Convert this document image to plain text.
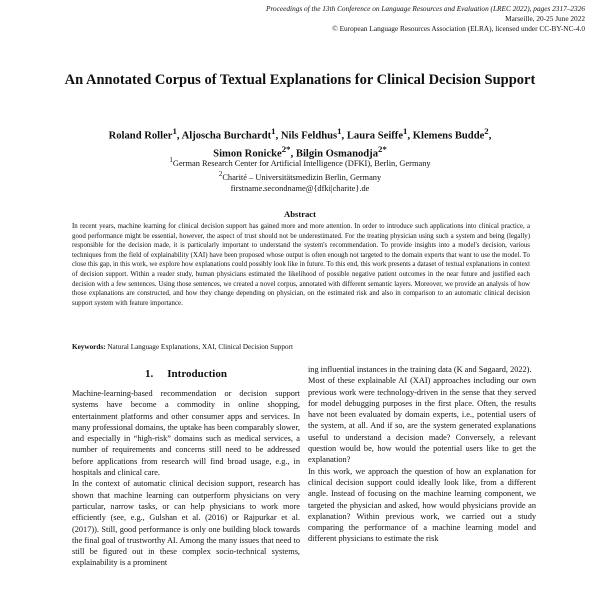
Proceedings of the 13th Conference on Language Resources and Evaluation (LREC 2022), pages 2317–2326
Marseille, 20-25 June 2022
© European Language Resources Association (ELRA), licensed under CC-BY-NC-4.0
An Annotated Corpus of Textual Explanations for Clinical Decision Support
Roland Roller$^1$, Aljoscha Burchardt$^1$, Nils Feldhus$^1$, Laura Seiffe$^1$, Klemens Budde$^2$,
Simon Ronicke$^{2*}$, Bilgin Osmanodja$^{2*}$
$^1$German Research Center for Artificial Intelligence (DFKI), Berlin, Germany
$^2$Charité – Universitätsmedizin Berlin, Germany
firstname.secondname@{dfki|charite}.de
Abstract
In recent years, machine learning for clinical decision support has gained more and more attention. In order to introduce such applications into clinical practice, a good performance might be essential, however, the aspect of trust should not be underestimated. For the treating physician using such a system and being (legally) responsible for the decision made, it is particularly important to understand the system's recommendation. To provide insights into a model's decision, various techniques from the field of explainability (XAI) have been proposed whose output is often enough not targeted to the domain experts that want to use the model. To close this gap, in this work, we explore how explanations could possibly look like in future. To this end, this work presents a dataset of textual explanations in context of decision support. Within a reader study, human physicians estimated the likelihood of possible negative patient outcomes in the near future and justified each decision with a few sentences. Using those sentences, we created a novel corpus, annotated with different semantic layers. Moreover, we provide an analysis of how those explanations are constructed, and how they change depending on physician, on the estimated risk and also in comparison to an automatic clinical decision support system with feature importance.
Keywords: Natural Language Explanations, XAI, Clinical Decision Support
1. Introduction

Machine-learning-based recommendation or decision support systems have become a commodity in online shopping, entertainment platforms and other consumer apps and services. In many professional domains, the uptake has been comparably slower, and especially in “high-risk” domains such as medical services, a number of requirements and concerns still need to be addressed before applications from research will find broad usage, e.g., in hospitals and clinical care.

In the context of automatic clinical decision support, research has shown that machine learning can outperform physicians on very particular, narrow tasks, or can help physicians to work more efficiently (see, e.g., Gulshan et al. (2016) or Rajpurkar et al. (2017)). Still, good performance is only one building block towards the final goal of trustworthy AI. Among the many issues that need to still be figured out in these complex socio-technical systems, explainability is a prominent

ing influential instances in the training data (K and Søgaard, 2022).

Most of these explainable AI (XAI) approaches including our own previous work were technology-driven in the sense that they served for model debugging purposes in the first place. Often, the results have not been evaluated by domain experts, i.e., potential users of the system, at all. And if so, are the system generated explanations useful to understand a decision made? Conversely, a relevant question would be, how would the potential users like to get the explanation?

In this work, we approach the question of how an explanation for clinical decision support could ideally look like, from a different angle. Instead of focusing on the machine learning component, we targeted the physician and asked, how would physicians provide an explanation? Within previous work, we carried out a study comparing the performance of a machine learning model and different physicians to estimate the risk
